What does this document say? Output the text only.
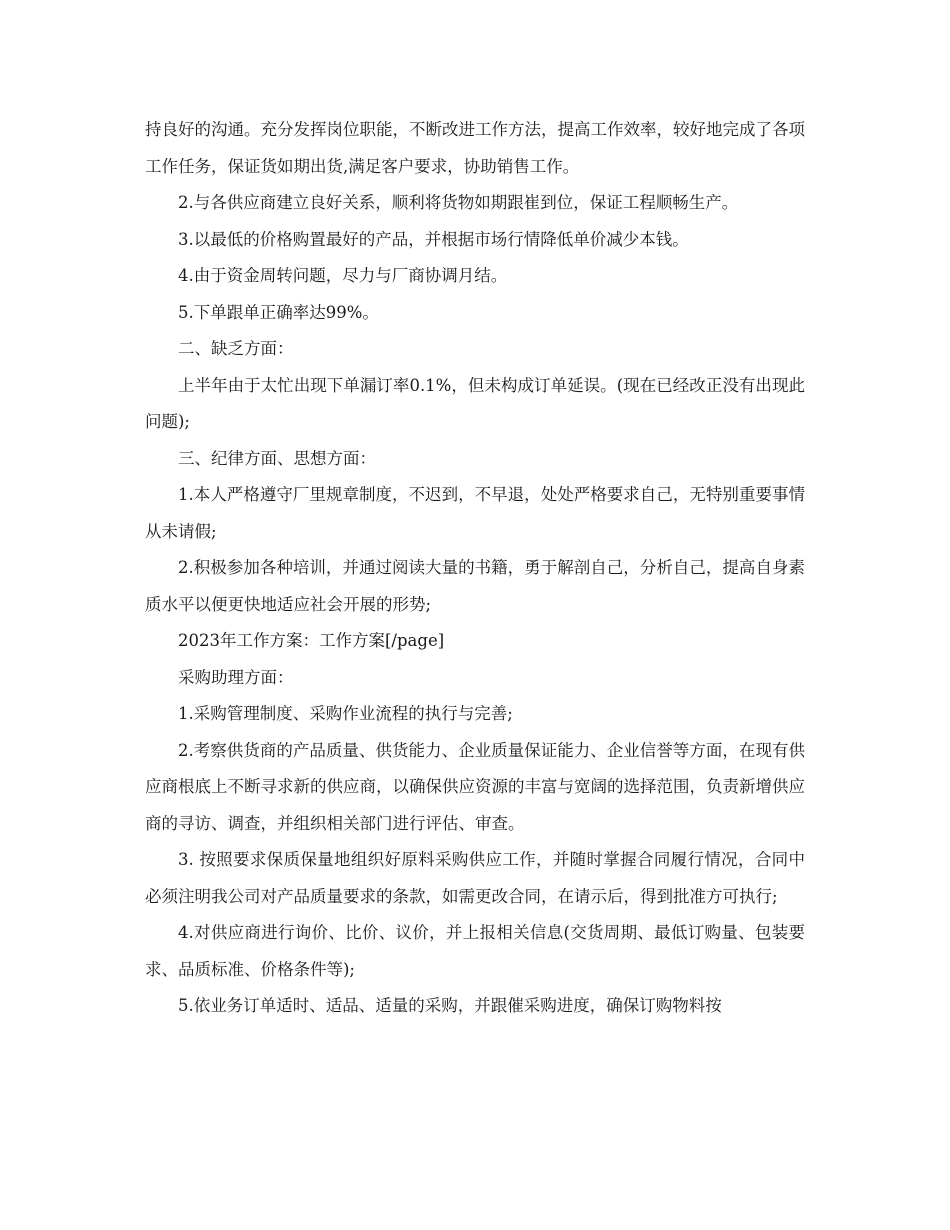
持良好的沟通。充分发挥岗位职能，不断改进工作方法，提高工作效率，较好地完成了各项工作任务，保证货如期出货,满足客户要求，协助销售工作。

2.与各供应商建立良好关系，顺利将货物如期跟崔到位，保证工程顺畅生产。

3.以最低的价格购置最好的产品，并根据市场行情降低单价减少本钱。

4.由于资金周转问题，尽力与厂商协调月结。

5.下单跟单正确率达99%。

二、缺乏方面：

上半年由于太忙出现下单漏订率0.1%，但未构成订单延误。(现在已经改正没有出现此问题);

三、纪律方面、思想方面：

1.本人严格遵守厂里规章制度，不迟到，不早退，处处严格要求自己，无特别重要事情从未请假;

2.积极参加各种培训，并通过阅读大量的书籍，勇于解剖自己，分析自己，提高自身素质水平以便更快地适应社会开展的形势;

2023年工作方案：工作方案[/page]

采购助理方面：

1.采购管理制度、采购作业流程的执行与完善;

2.考察供货商的产品质量、供货能力、企业质量保证能力、企业信誉等方面，在现有供应商根底上不断寻求新的供应商，以确保供应资源的丰富与宽阔的选择范围，负责新增供应商的寻访、调查，并组织相关部门进行评估、审查。

3. 按照要求保质保量地组织好原料采购供应工作，并随时掌握合同履行情况，合同中必须注明我公司对产品质量要求的条款，如需更改合同，在请示后，得到批准方可执行;

4.对供应商进行询价、比价、议价，并上报相关信息(交货周期、最低订购量、包装要求、品质标准、价格条件等);

5.依业务订单适时、适品、适量的采购，并跟催采购进度，确保订购物料按
